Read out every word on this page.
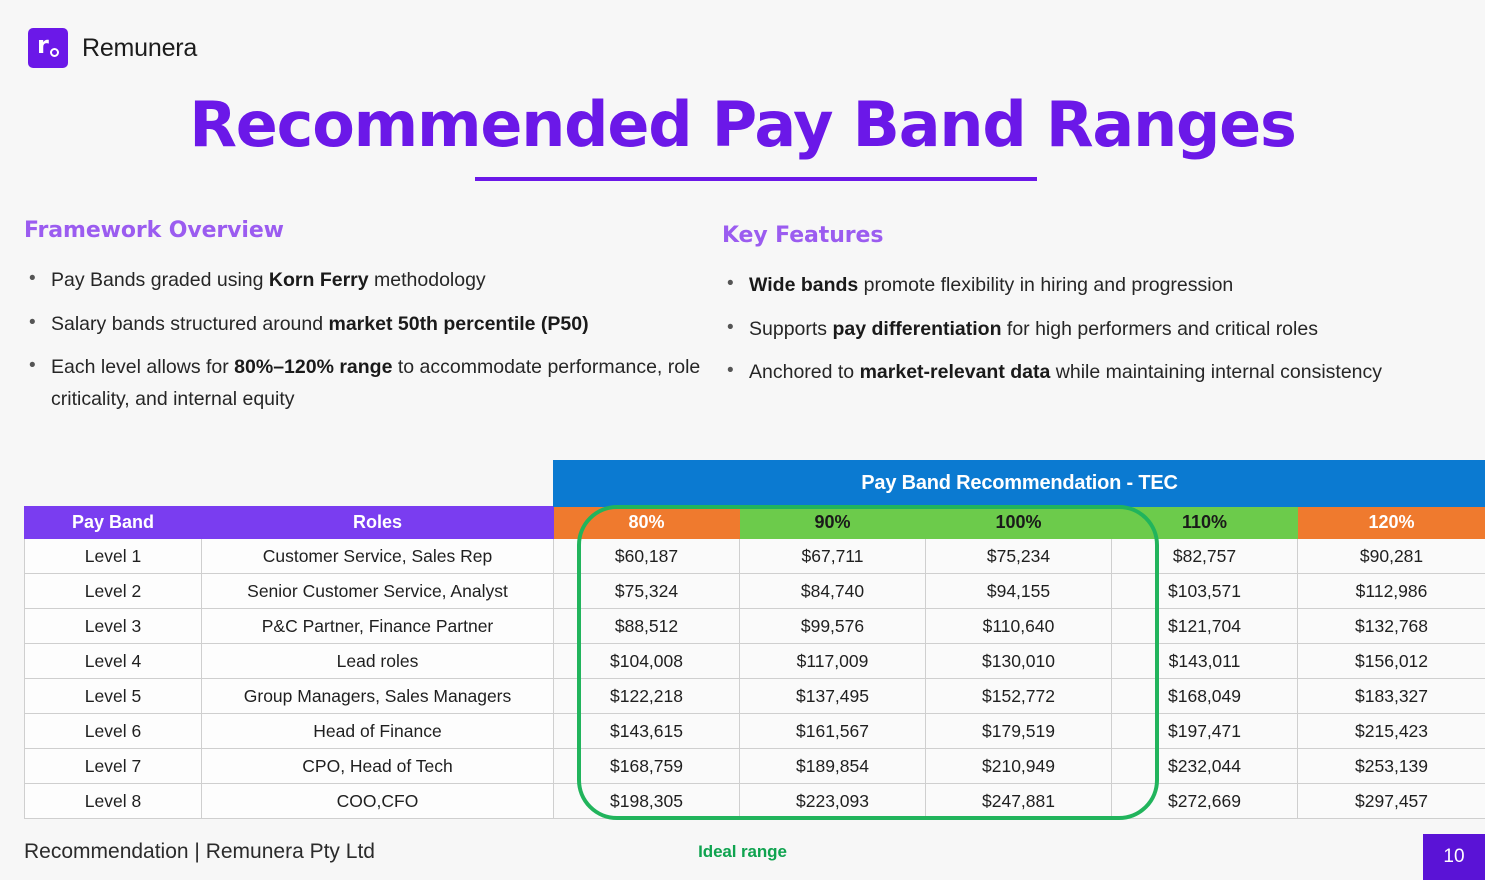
r Remunera
Recommended Pay Band Ranges
Framework Overview
• Pay Bands graded using Korn Ferry methodology
• Salary bands structured around market 50th percentile (P50)
• Each level allows for 80%–120% range to accommodate performance, role criticality, and internal equity
Key Features
• Wide bands promote flexibility in hiring and progression
• Supports pay differentiation for high performers and critical roles
• Anchored to market-relevant data while maintaining internal consistency
		Pay Band Recommendation - TEC				
Pay Band	Roles	80%	90%	100%	110%	120%
Level 1	Customer Service, Sales Rep	$60,187	$67,711	$75,234	$82,757	$90,281
Level 2	Senior Customer Service, Analyst	$75,324	$84,740	$94,155	$103,571	$112,986
Level 3	P&C Partner, Finance Partner	$88,512	$99,576	$110,640	$121,704	$132,768
Level 4	Lead roles	$104,008	$117,009	$130,010	$143,011	$156,012
Level 5	Group Managers, Sales Managers	$122,218	$137,495	$152,772	$168,049	$183,327
Level 6	Head of Finance	$143,615	$161,567	$179,519	$197,471	$215,423
Level 7	CPO, Head of Tech	$168,759	$189,854	$210,949	$232,044	$253,139
Level 8	COO,CFO	$198,305	$223,093	$247,881	$272,669	$297,457
Recommendation | Remunera Pty Ltd	Ideal range	10
